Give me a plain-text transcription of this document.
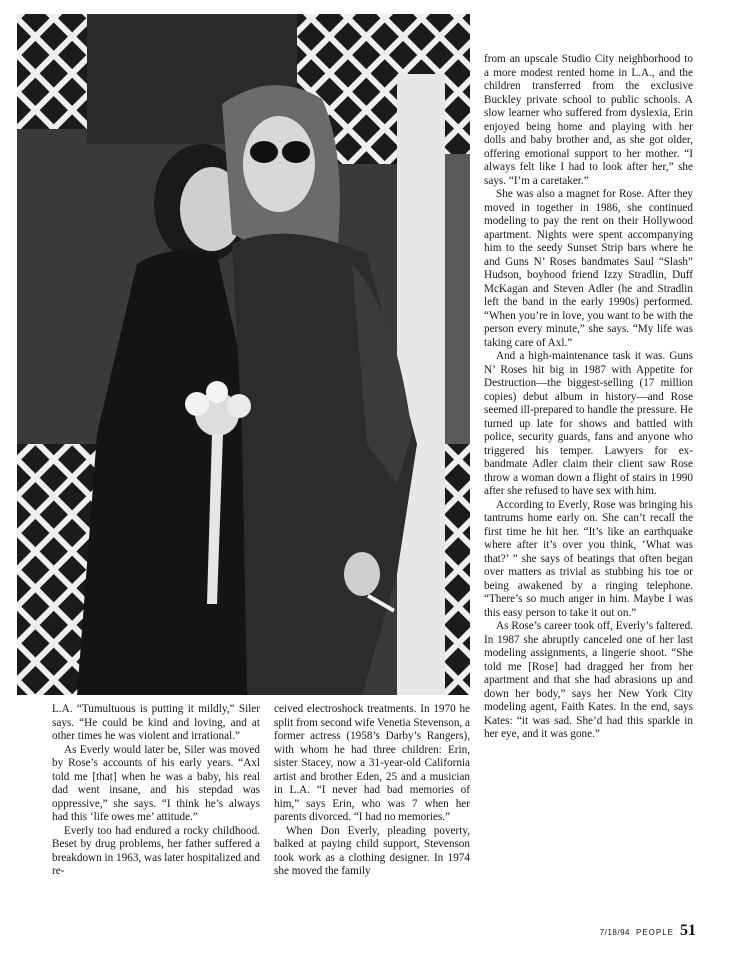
L.A. “Tumultuous is putting it mildly,” Siler says. “He could be kind and loving, and at other times he was violent and irrational.”

As Everly would later be, Siler was moved by Rose’s accounts of his early years. “Axl told me [that] when he was a baby, his real dad went insane, and his stepdad was oppressive,” she says. “I think he’s always had this ‘life owes me’ attitude.”

Everly too had endured a rocky childhood. Beset by drug problems, her father suffered a breakdown in 1963, was later hospitalized and re-

ceived electroshock treatments. In 1970 he split from second wife Venetia Stevenson, a former actress (1958’s Darby’s Rangers), with whom he had three children: Erin, sister Stacey, now a 31-year-old California artist and brother Eden, 25 and a musician in L.A. “I never had bad memories of him,” says Erin, who was 7 when her parents divorced. “I had no memories.”

When Don Everly, pleading poverty, balked at paying child support, Stevenson took work as a clothing designer. In 1974 she moved the family

from an upscale Studio City neighborhood to a more modest rented home in L.A., and the children transferred from the exclusive Buckley private school to public schools. A slow learner who suffered from dyslexia, Erin enjoyed being home and playing with her dolls and baby brother and, as she got older, offering emotional support to her mother. “I always felt like I had to look after her,” she says. “I’m a caretaker.”

She was also a magnet for Rose. After they moved in together in 1986, she continued modeling to pay the rent on their Hollywood apartment. Nights were spent accompanying him to the seedy Sunset Strip bars where he and Guns N’ Roses bandmates Saul “Slash” Hudson, boyhood friend Izzy Stradlin, Duff McKagan and Steven Adler (he and Stradlin left the band in the early 1990s) performed. “When you’re in love, you want to be with the person every minute,” she says. “My life was taking care of Axl.”

And a high-maintenance task it was. Guns N’ Roses hit big in 1987 with Appetite for Destruction—the biggest-selling (17 million copies) debut album in history—and Rose seemed ill-prepared to handle the pressure. He turned up late for shows and battled with police, security guards, fans and anyone who triggered his temper. Lawyers for ex-bandmate Adler claim their client saw Rose throw a woman down a flight of stairs in 1990 after she refused to have sex with him.

According to Everly, Rose was bringing his tantrums home early on. She can’t recall the first time he hit her. “It’s like an earthquake where after it’s over you think, ‘What was that?’ ” she says of beatings that often began over matters as trivial as stubbing his toe or being awakened by a ringing telephone. “There’s so much anger in him. Maybe I was this easy person to take it out on.”

As Rose’s career took off, Everly’s faltered. In 1987 she abruptly canceled one of her last modeling assignments, a lingerie shoot. “She told me [Rose] had dragged her from her apartment and that she had abrasions up and down her body,” says her New York City modeling agent, Faith Kates. In the end, says Kates: “it was sad. She’d had this sparkle in her eye, and it was gone.”

7/18/94 PEOPLE 51
